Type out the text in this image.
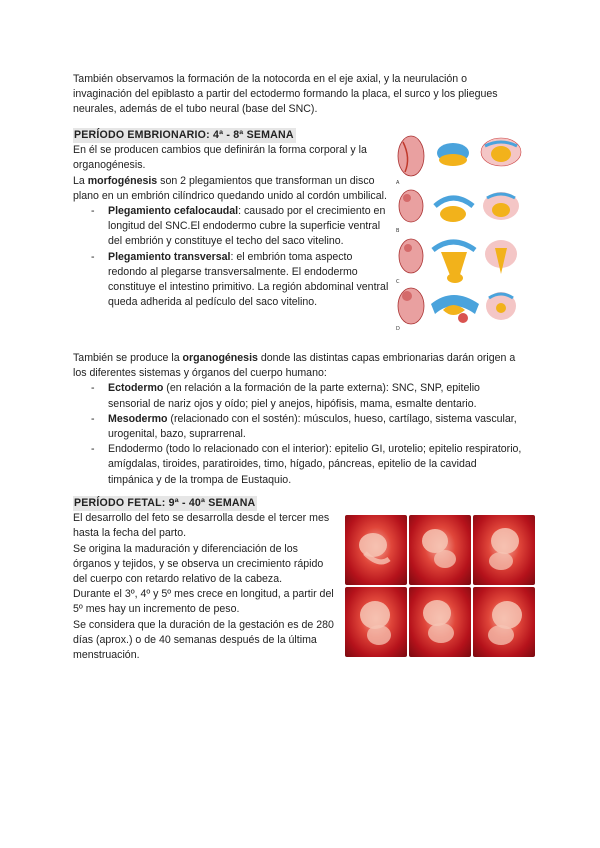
También observamos la formación de la notocorda en el eje axial, y la neurulación o invaginación del epiblasto a partir del ectodermo formando la placa, el surco y los pliegues neurales, además de el tubo neural (base del SNC).

PERÍODO EMBRIONARIO: 4ª - 8ª SEMANA

En él se producen cambios que definirán la forma corporal y la organogénesis.

La morfogénesis son 2 plegamientos que transforman un disco plano en un embrión cilíndrico quedando unido al cordón umbilical.

- Plegamiento cefalocaudal: causado por el crecimiento en longitud del SNC.El endodermo cubre la superficie ventral del embrión y constituye el techo del saco vitelino.
- Plegamiento transversal: el embrión toma aspecto redondo al plegarse transversalmente. El endodermo constituye el intestino primitivo. La región abdominal ventral queda adherida al pedículo del saco vitelino.
A
B
C
D

También se produce la organogénesis donde las distintas capas embrionarias darán origen a los diferentes sistemas y órganos del cuerpo humano:

- Ectodermo (en relación a la formación de la parte externa): SNC, SNP, epitelio sensorial de nariz ojos y oído; piel y anejos, hipófisis, mama, esmalte dentario.
- Mesodermo (relacionado con el sostén): músculos, hueso, cartílago, sistema vascular, urogenital, bazo, suprarrenal.
- Endodermo (todo lo relacionado con el interior): epitelio GI, urotelio; epitelio respiratorio, amígdalas, tiroides, paratiroides, timo, hígado, páncreas, epitelio de la cavidad timpánica y de la trompa de Eustaquio.
PERÍODO FETAL: 9ª - 40ª SEMANA

El desarrollo del feto se desarrolla desde el tercer mes hasta la fecha del parto.

Se origina la maduración y diferenciación de los órganos y tejidos, y se observa un crecimiento rápido del cuerpo con retardo relativo de la cabeza.

Durante el 3º, 4º y 5º mes crece en longitud, a partir del 5º mes hay un incremento de peso.

Se considera que la duración de la gestación es de 280 días (aprox.) o de 40 semanas después de la última menstruación.
